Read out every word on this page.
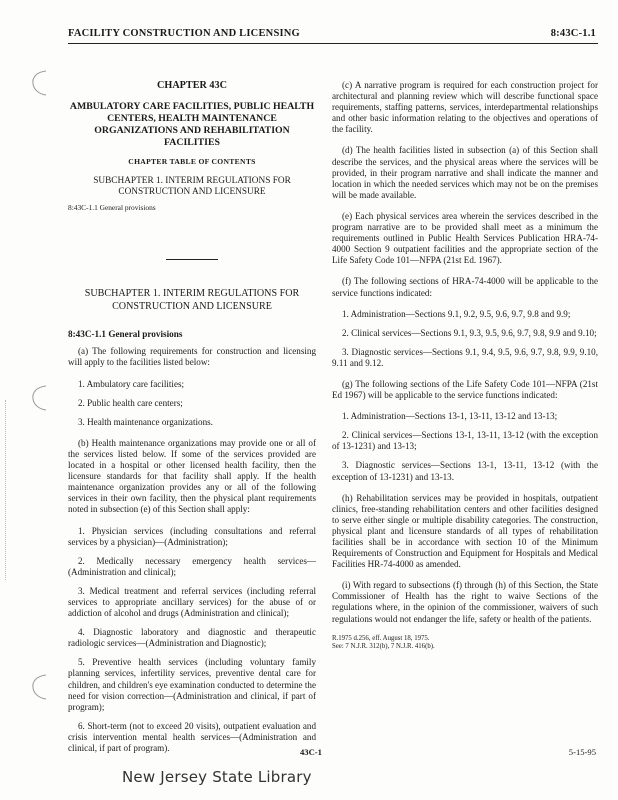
FACILITY CONSTRUCTION AND LICENSING	8:43C-1.1
CHAPTER 43C
AMBULATORY CARE FACILITIES, PUBLIC HEALTH CENTERS, HEALTH MAINTENANCE ORGANIZATIONS AND REHABILITATION FACILITIES
CHAPTER TABLE OF CONTENTS
SUBCHAPTER 1. INTERIM REGULATIONS FOR CONSTRUCTION AND LICENSURE
8:43C-1.1 General provisions
SUBCHAPTER 1. INTERIM REGULATIONS FOR CONSTRUCTION AND LICENSURE
8:43C-1.1 General provisions

(a) The following requirements for construction and licensing will apply to the facilities listed below:

1. Ambulatory care facilities;

2. Public health care centers;

3. Health maintenance organizations.

(b) Health maintenance organizations may provide one or all of the services listed below. If some of the services provided are located in a hospital or other licensed health facility, then the licensure standards for that facility shall apply. If the health maintenance organization provides any or all of the following services in their own facility, then the physical plant requirements noted in subsection (e) of this Section shall apply:

1. Physician services (including consultations and referral services by a physician)—(Administration);

2. Medically necessary emergency health services—(Administration and clinical);

3. Medical treatment and referral services (including referral services to appropriate ancillary services) for the abuse of or addiction of alcohol and drugs (Administration and clinical);

4. Diagnostic laboratory and diagnostic and therapeutic radiologic services—(Administration and Diagnostic);

5. Preventive health services (including voluntary family planning services, infertility services, preventive dental care for children, and children's eye examination conducted to determine the need for vision correction—(Administration and clinical, if part of program);

6. Short-term (not to exceed 20 visits), outpatient evaluation and crisis intervention mental health services—(Administration and clinical, if part of program).

(c) A narrative program is required for each construction project for architectural and planning review which will describe functional space requirements, staffing patterns, services, interdepartmental relationships and other basic information relating to the objectives and operations of the facility.

(d) The health facilities listed in subsection (a) of this Section shall describe the services, and the physical areas where the services will be provided, in their program narrative and shall indicate the manner and location in which the needed services which may not be on the premises will be made available.

(e) Each physical services area wherein the services described in the program narrative are to be provided shall meet as a minimum the requirements outlined in Public Health Services Publication HRA-74-4000 Section 9 outpatient facilities and the appropriate section of the Life Safety Code 101—NFPA (21st Ed. 1967).

(f) The following sections of HRA-74-4000 will be applicable to the service functions indicated:

1. Administration—Sections 9.1, 9.2, 9.5, 9.6, 9.7, 9.8 and 9.9;

2. Clinical services—Sections 9.1, 9.3, 9.5, 9.6, 9.7, 9.8, 9.9 and 9.10;

3. Diagnostic services—Sections 9.1, 9.4, 9.5, 9.6, 9.7, 9.8, 9.9, 9.10, 9.11 and 9.12.

(g) The following sections of the Life Safety Code 101—NFPA (21st Ed 1967) will be applicable to the service functions indicated:

1. Administration—Sections 13-1, 13-11, 13-12 and 13-13;

2. Clinical services—Sections 13-1, 13-11, 13-12 (with the exception of 13-1231) and 13-13;

3. Diagnostic services—Sections 13-1, 13-11, 13-12 (with the exception of 13-1231) and 13-13.

(h) Rehabilitation services may be provided in hospitals, outpatient clinics, free-standing rehabilitation centers and other facilities designed to serve either single or multiple disability categories. The construction, physical plant and licensure standards of all types of rehabilitation facilities shall be in accordance with section 10 of the Minimum Requirements of Construction and Equipment for Hospitals and Medical Facilities HR-74-4000 as amended.

(i) With regard to subsections (f) through (h) of this Section, the State Commissioner of Health has the right to waive Sections of the regulations where, in the opinion of the commissioner, waivers of such regulations would not endanger the life, safety or health of the patients.

R.1975 d.256, eff. August 18, 1975.
See: 7 N.J.R. 312(b), 7 N.J.R. 416(b).
43C-1	5-15-95
New Jersey State Library
